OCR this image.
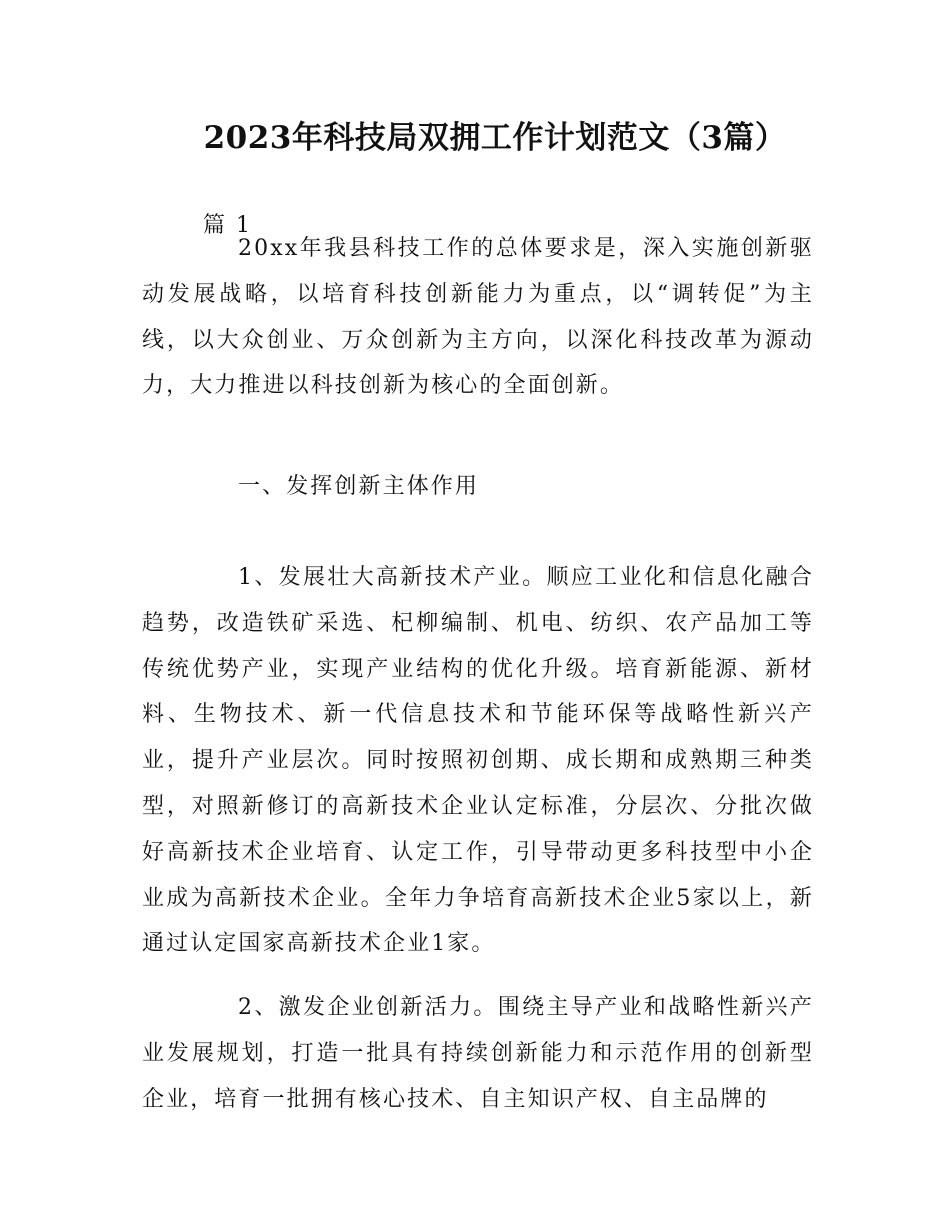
2023年科技局双拥工作计划范文（3篇）
篇 1

20xx年我县科技工作的总体要求是，深入实施创新驱动发展战略，以培育科技创新能力为重点，以“调转促”为主线，以大众创业、万众创新为主方向，以深化科技改革为源动力，大力推进以科技创新为核心的全面创新。

一、发挥创新主体作用

1、发展壮大高新技术产业。顺应工业化和信息化融合趋势，改造铁矿采选、杞柳编制、机电、纺织、农产品加工等传统优势产业，实现产业结构的优化升级。培育新能源、新材料、生物技术、新一代信息技术和节能环保等战略性新兴产业，提升产业层次。同时按照初创期、成长期和成熟期三种类型，对照新修订的高新技术企业认定标准，分层次、分批次做好高新技术企业培育、认定工作，引导带动更多科技型中小企业成为高新技术企业。全年力争培育高新技术企业5家以上，新通过认定国家高新技术企业1家。

2、激发企业创新活力。围绕主导产业和战略性新兴产业发展规划，打造一批具有持续创新能力和示范作用的创新型企业，培育一批拥有核心技术、自主知识产权、自主品牌的
